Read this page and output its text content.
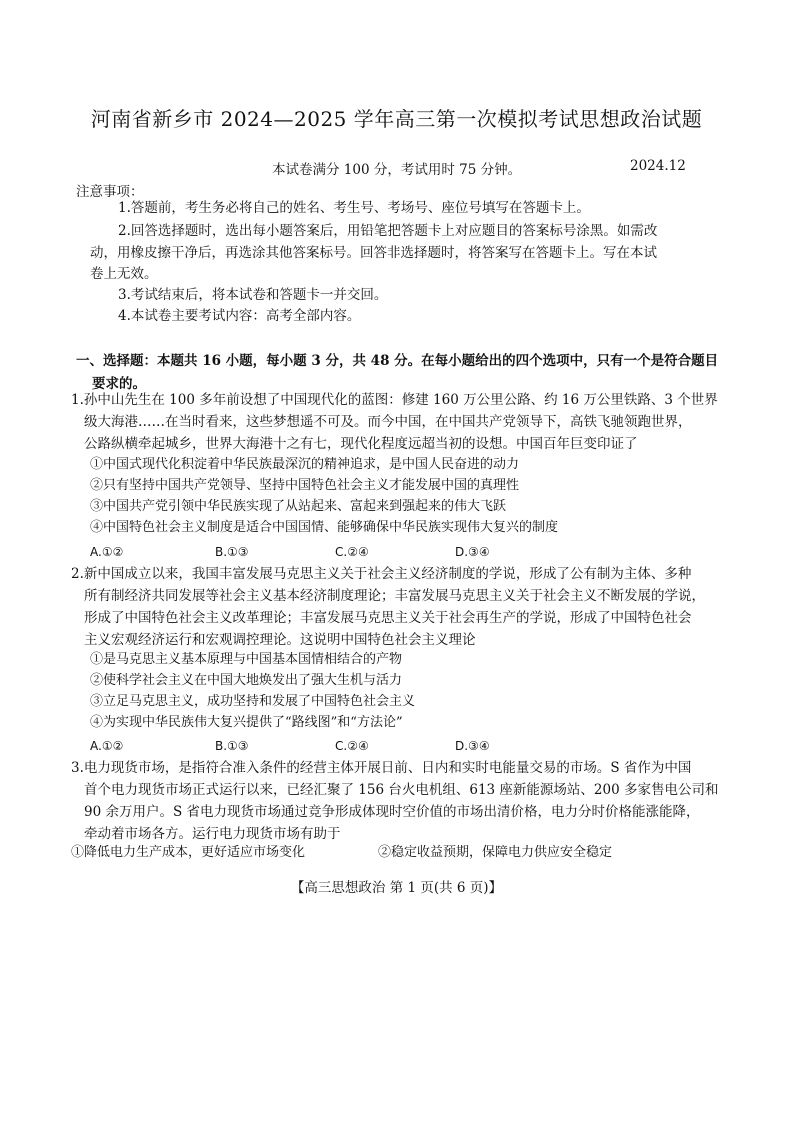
河南省新乡市 2024—2025 学年高三第一次模拟考试思想政治试题
本试卷满分 100 分，考试用时 75 分钟。	2024.12
注意事项：
1.答题前，考生务必将自己的姓名、考生号、考场号、座位号填写在答题卡上。
2.回答选择题时，选出每小题答案后，用铅笔把答题卡上对应题目的答案标号涂黑。如需改
动，用橡皮擦干净后，再选涂其他答案标号。回答非选择题时，将答案写在答题卡上。写在本试
卷上无效。
3.考试结束后，将本试卷和答题卡一并交回。
4.本试卷主要考试内容：高考全部内容。
一、选择题：本题共 16 小题，每小题 3 分，共 48 分。在每小题给出的四个选项中，只有一个是符合题目
要求的。
1.孙中山先生在 100 多年前设想了中国现代化的蓝图：修建 160 万公里公路、约 16 万公里铁路、3 个世界
级大海港……在当时看来，这些梦想遥不可及。而今中国，在中国共产党领导下，高铁飞驰领跑世界，
公路纵横牵起城乡，世界大海港十之有七，现代化程度远超当初的设想。中国百年巨变印证了
①中国式现代化积淀着中华民族最深沉的精神追求，是中国人民奋进的动力
②只有坚持中国共产党领导、坚持中国特色社会主义才能发展中国的真理性
③中国共产党引领中华民族实现了从站起来、富起来到强起来的伟大飞跃
④中国特色社会主义制度是适合中国国情、能够确保中华民族实现伟大复兴的制度
A.①②	B.①③	C.②④	D.③④
2.新中国成立以来，我国丰富发展马克思主义关于社会主义经济制度的学说，形成了公有制为主体、多种
所有制经济共同发展等社会主义基本经济制度理论；丰富发展马克思主义关于社会主义不断发展的学说，
形成了中国特色社会主义改革理论；丰富发展马克思主义关于社会再生产的学说，形成了中国特色社会
主义宏观经济运行和宏观调控理论。这说明中国特色社会主义理论
①是马克思主义基本原理与中国基本国情相结合的产物
②使科学社会主义在中国大地焕发出了强大生机与活力
③立足马克思主义，成功坚持和发展了中国特色社会主义
④为实现中华民族伟大复兴提供了“路线图”和“方法论”
A.①②	B.①③	C.②④	D.③④
3.电力现货市场，是指符合准入条件的经营主体开展日前、日内和实时电能量交易的市场。S 省作为中国
首个电力现货市场正式运行以来，已经汇聚了 156 台火电机组、613 座新能源场站、200 多家售电公司和
90 余万用户。S 省电力现货市场通过竞争形成体现时空价值的市场出清价格，电力分时价格能涨能降，
牵动着市场各方。运行电力现货市场有助于
①降低电力生产成本，更好适应市场变化	②稳定收益预期，保障电力供应安全稳定
【高三思想政治 第 1 页(共 6 页)】
